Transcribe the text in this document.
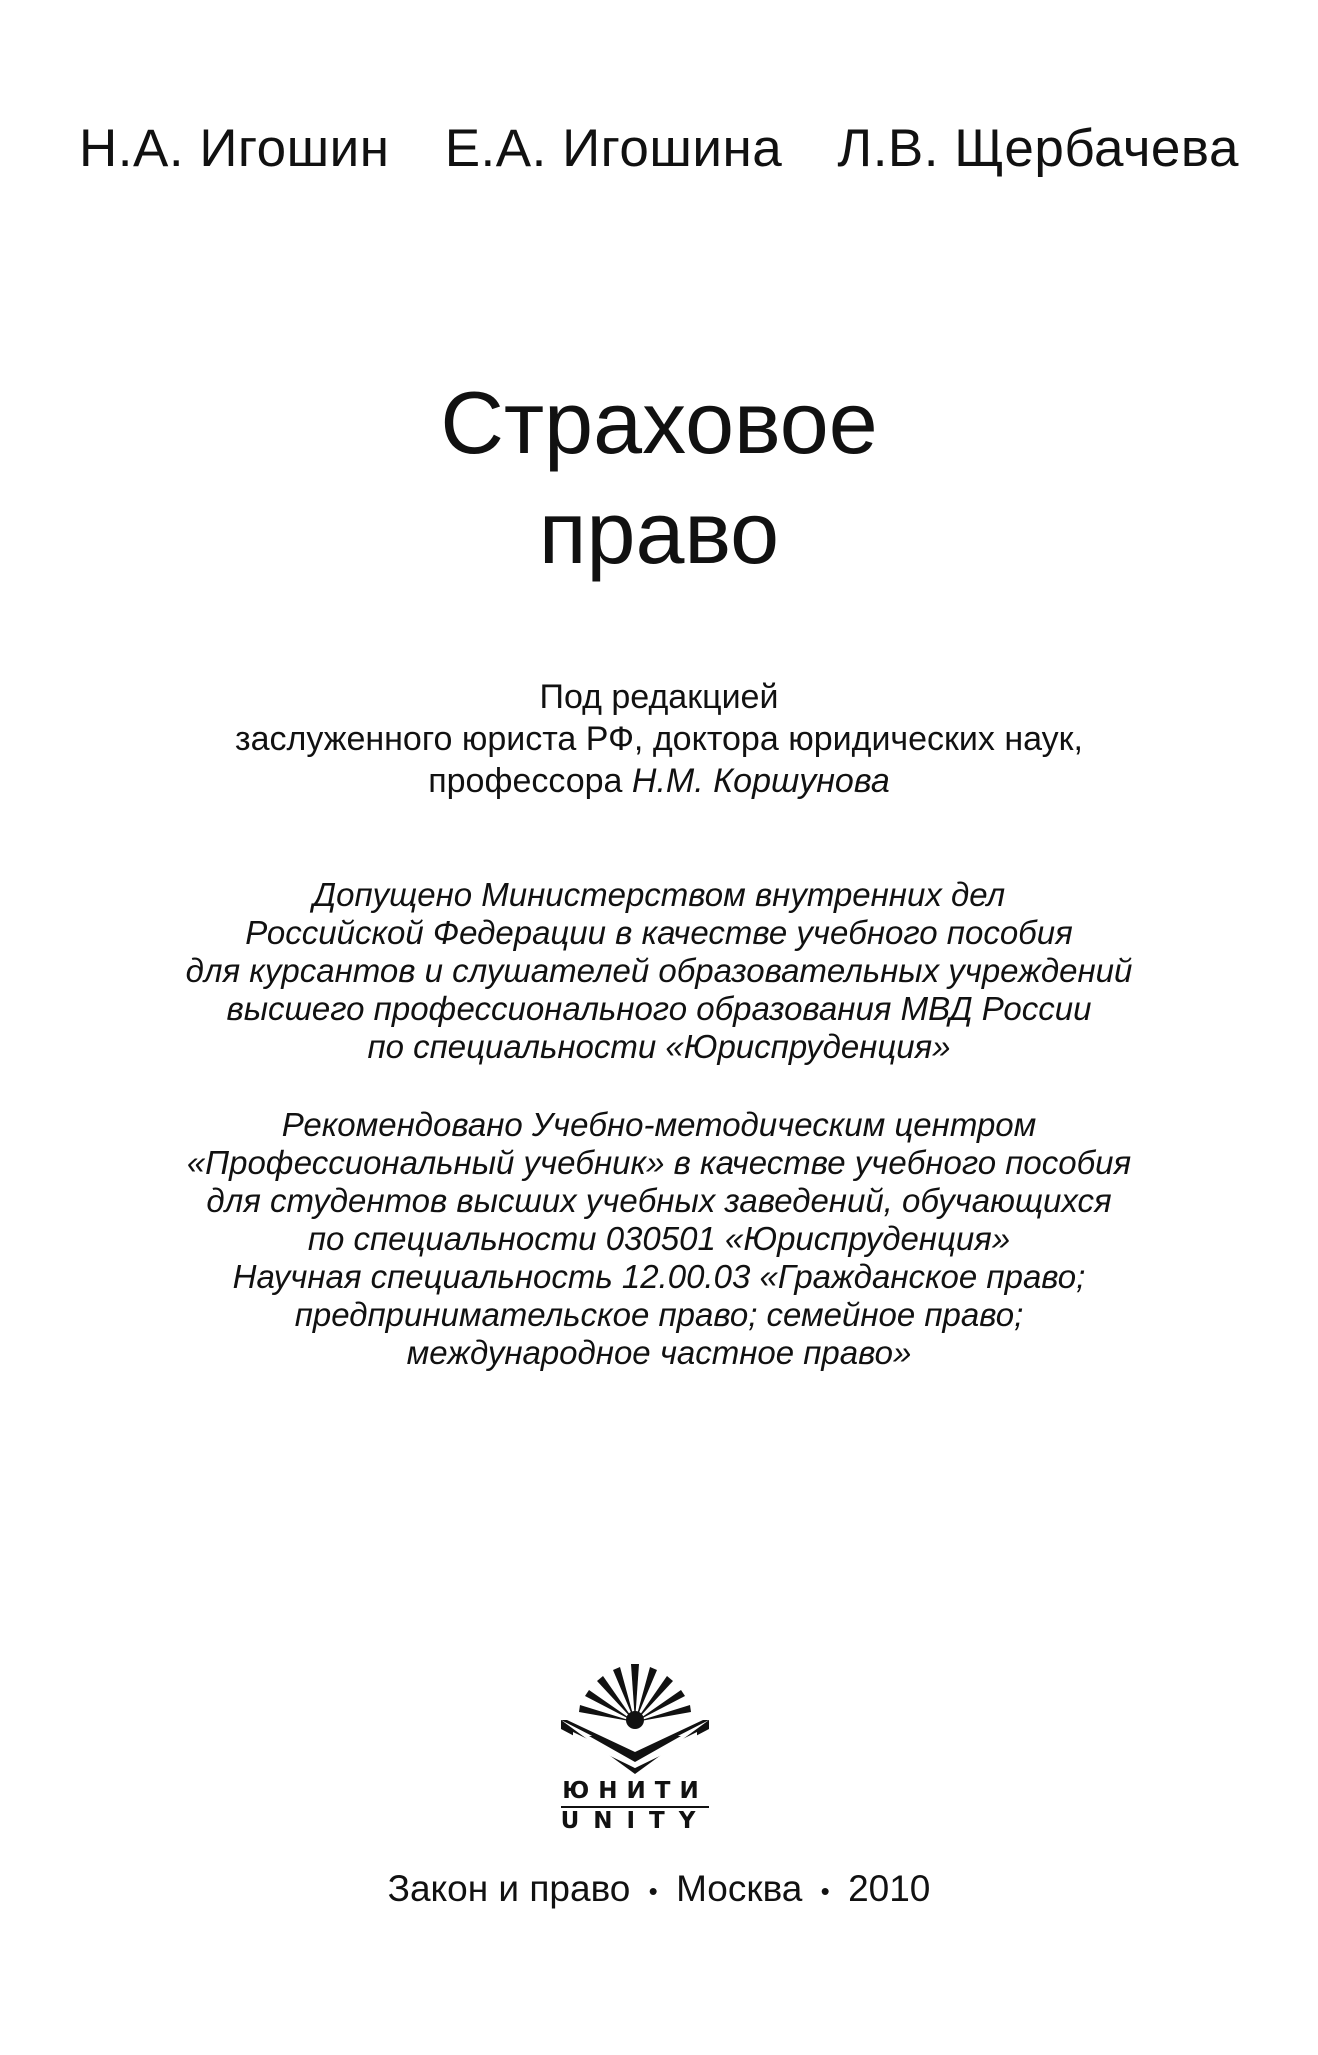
Н.А. Игошин Е.А. Игошина Л.В. Щербачева
Страховое
право
Под редакцией
заслуженного юриста РФ, доктора юридических наук,
профессора Н.М. Коршунова
Допущено Министерством внутренних дел
Российской Федерации в качестве учебного пособия
для курсантов и слушателей образовательных учреждений
высшего профессионального образования МВД России
по специальности «Юриспруденция»
Рекомендовано Учебно-методическим центром
«Профессиональный учебник» в качестве учебного пособия
для студентов высших учебных заведений, обучающихся
по специальности 030501 «Юриспруденция»
Научная специальность 12.00.03 «Гражданское право;
предпринимательское право; семейное право;
международное частное право»
ЮНИТИ
UNITY
Закон и право • Москва • 2010
